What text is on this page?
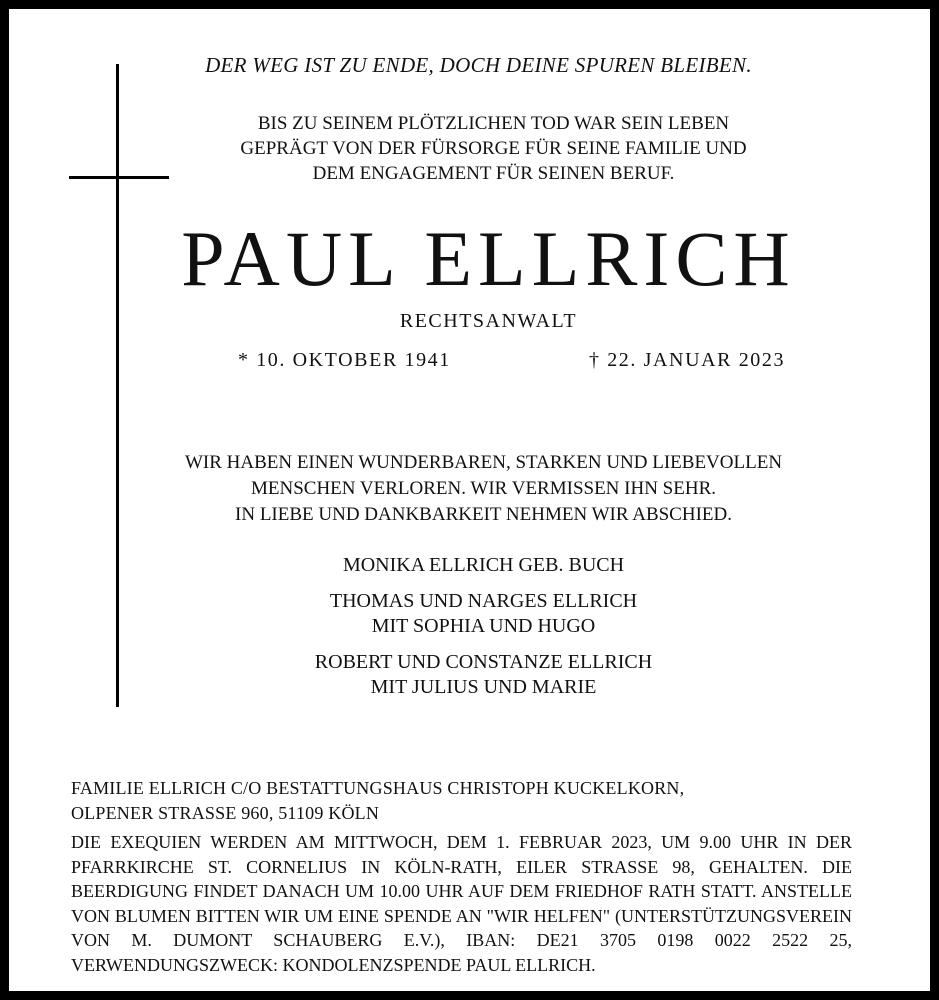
DER WEG IST ZU ENDE, DOCH DEINE SPUREN BLEIBEN.
BIS ZU SEINEM PLÖTZLICHEN TOD WAR SEIN LEBEN
GEPRÄGT VON DER FÜRSORGE FÜR SEINE FAMILIE UND
DEM ENGAGEMENT FÜR SEINEN BERUF.
PAUL ELLRICH
RECHTSANWALT
* 10. OKTOBER 1941	† 22. JANUAR 2023
WIR HABEN EINEN WUNDERBAREN, STARKEN UND LIEBEVOLLEN
MENSCHEN VERLOREN. WIR VERMISSEN IHN SEHR.
IN LIEBE UND DANKBARKEIT NEHMEN WIR ABSCHIED.
MONIKA ELLRICH GEB. BUCH
THOMAS UND NARGES ELLRICH
MIT SOPHIA UND HUGO
ROBERT UND CONSTANZE ELLRICH
MIT JULIUS UND MARIE
FAMILIE ELLRICH C/O BESTATTUNGSHAUS CHRISTOPH KUCKELKORN,
OLPENER STRASSE 960, 51109 KÖLN
DIE EXEQUIEN WERDEN AM MITTWOCH, DEM 1. FEBRUAR 2023, UM 9.00 UHR IN DER PFARRKIRCHE ST. CORNELIUS IN KÖLN-RATH, EILER STRASSE 98, GEHALTEN. DIE BEERDIGUNG FINDET DANACH UM 10.00 UHR AUF DEM FRIEDHOF RATH STATT. ANSTELLE VON BLUMEN BITTEN WIR UM EINE SPENDE AN "WIR HELFEN" (UNTERSTÜTZUNGSVEREIN VON M. DUMONT SCHAUBERG E.V.), IBAN: DE21 3705 0198 0022 2522 25, VERWENDUNGSZWECK: KONDOLENZSPENDE PAUL ELLRICH.
